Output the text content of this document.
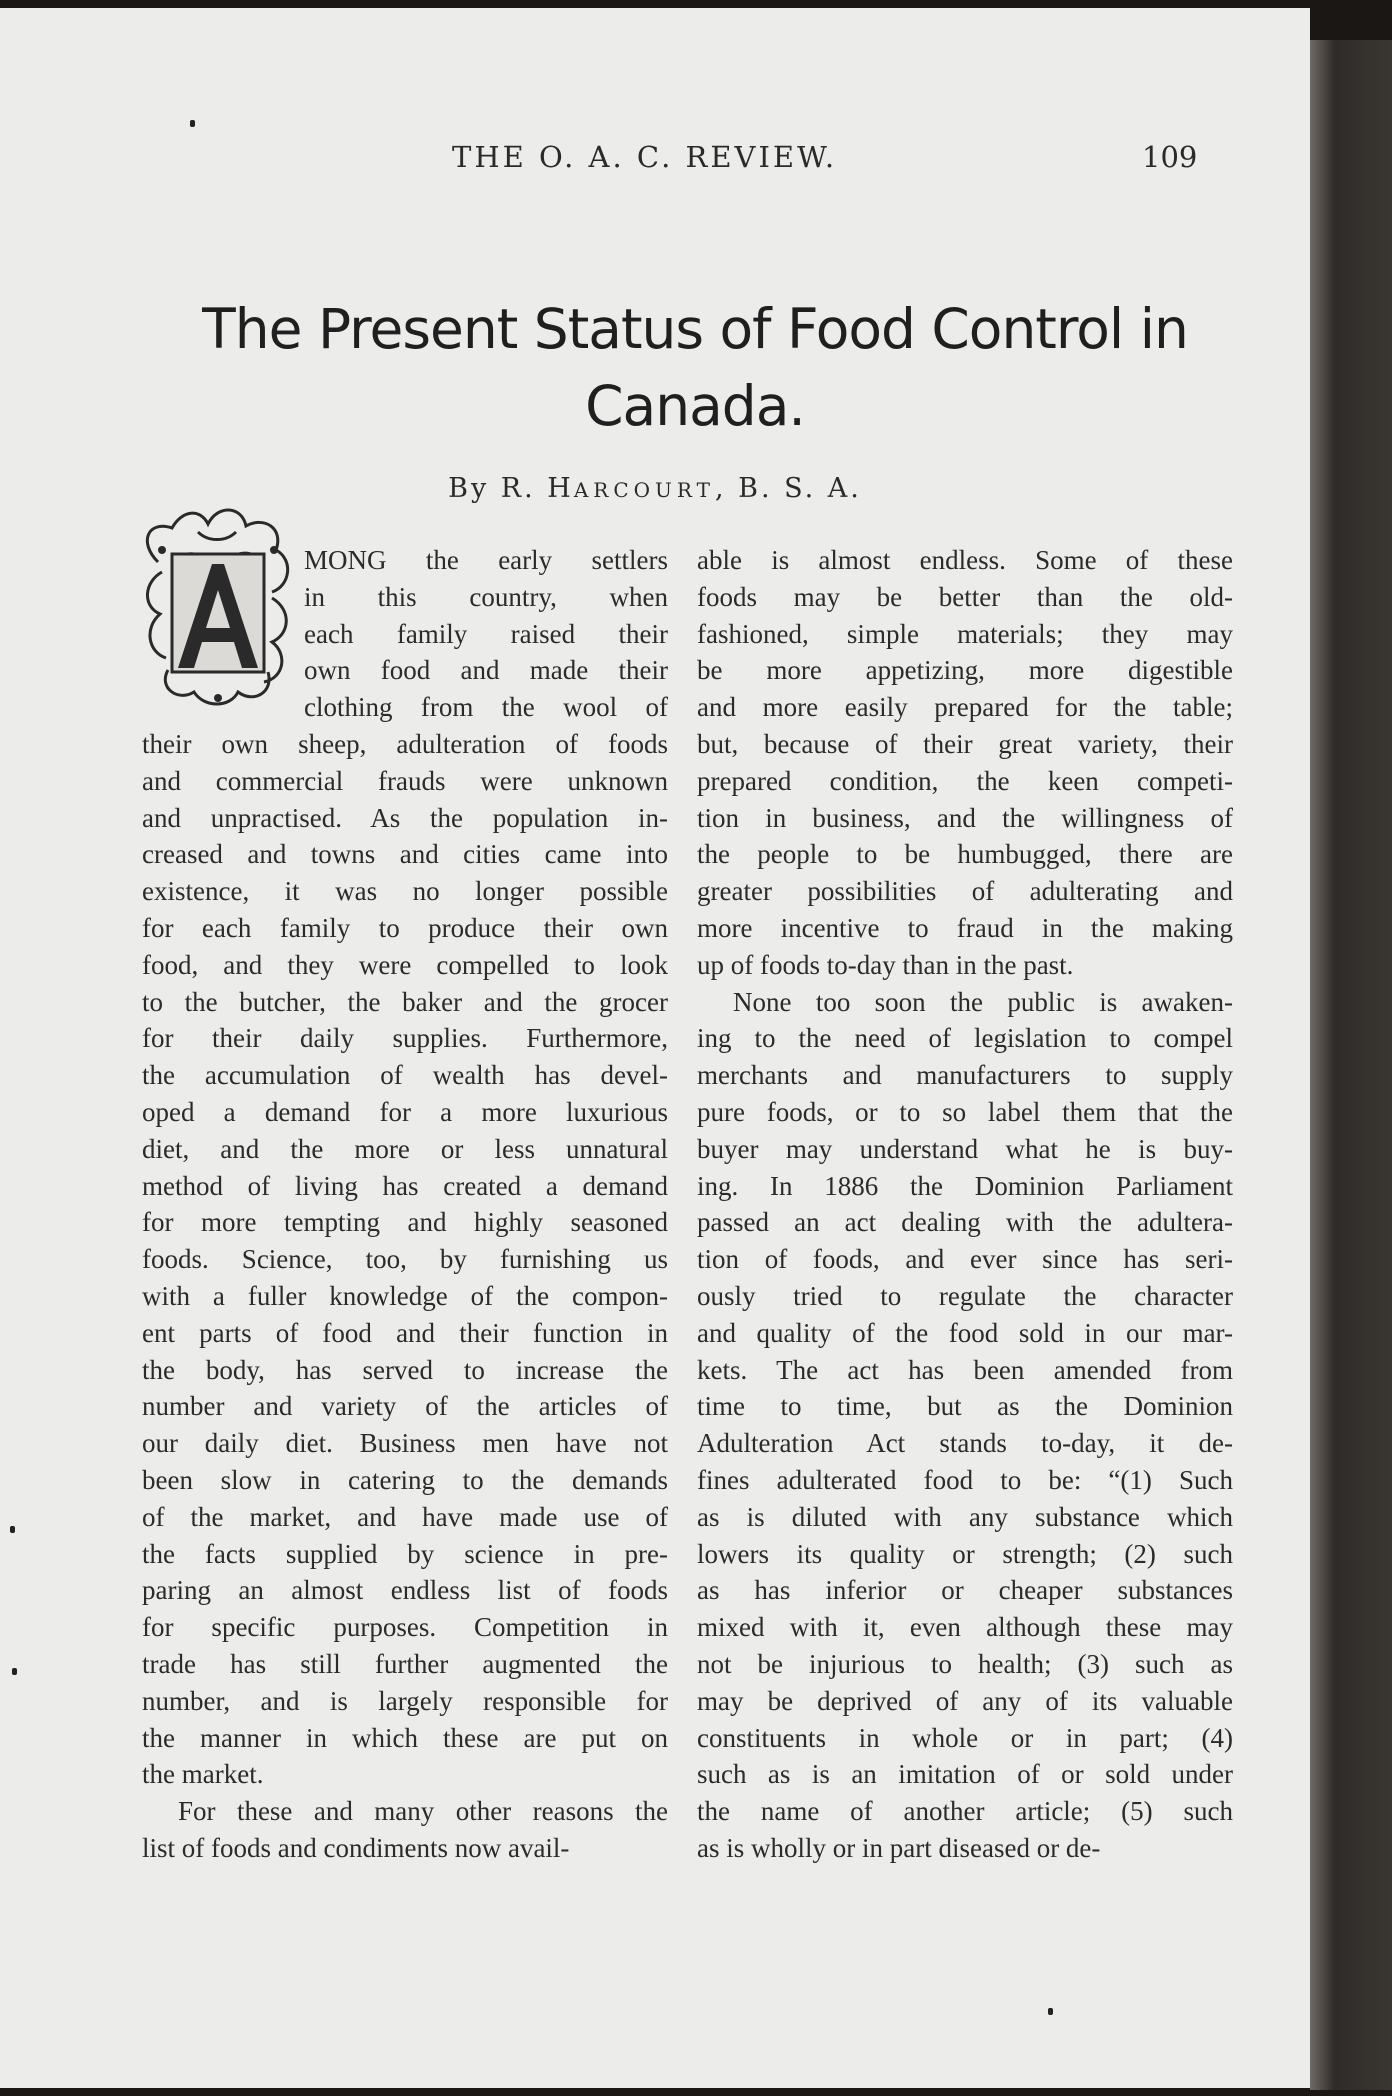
THE O. A. C. REVIEW.	109
The Present Status of Food Control in
Canada.
By R. HARCOURT, B. S. A.
A
MONG the early settlers
in this country, when
each family raised their
own food and made their
clothing from the wool of
their own sheep, adulteration of foods
and commercial frauds were unknown
and unpractised. As the population in-
creased and towns and cities came into
existence, it was no longer possible
for each family to produce their own
food, and they were compelled to look
to the butcher, the baker and the grocer
for their daily supplies. Furthermore,
the accumulation of wealth has devel-
oped a demand for a more luxurious
diet, and the more or less unnatural
method of living has created a demand
for more tempting and highly seasoned
foods. Science, too, by furnishing us
with a fuller knowledge of the compon-
ent parts of food and their function in
the body, has served to increase the
number and variety of the articles of
our daily diet. Business men have not
been slow in catering to the demands
of the market, and have made use of
the facts supplied by science in pre-
paring an almost endless list of foods
for specific purposes. Competition in
trade has still further augmented the
number, and is largely responsible for
the manner in which these are put on
the market.
For these and many other reasons the
list of foods and condiments now avail-
able is almost endless. Some of these
foods may be better than the old-
fashioned, simple materials; they may
be more appetizing, more digestible
and more easily prepared for the table;
but, because of their great variety, their
prepared condition, the keen competi-
tion in business, and the willingness of
the people to be humbugged, there are
greater possibilities of adulterating and
more incentive to fraud in the making
up of foods to-day than in the past.
None too soon the public is awaken-
ing to the need of legislation to compel
merchants and manufacturers to supply
pure foods, or to so label them that the
buyer may understand what he is buy-
ing. In 1886 the Dominion Parliament
passed an act dealing with the adultera-
tion of foods, and ever since has seri-
ously tried to regulate the character
and quality of the food sold in our mar-
kets. The act has been amended from
time to time, but as the Dominion
Adulteration Act stands to-day, it de-
fines adulterated food to be: “(1) Such
as is diluted with any substance which
lowers its quality or strength; (2) such
as has inferior or cheaper substances
mixed with it, even although these may
not be injurious to health; (3) such as
may be deprived of any of its valuable
constituents in whole or in part; (4)
such as is an imitation of or sold under
the name of another article; (5) such
as is wholly or in part diseased or de-
